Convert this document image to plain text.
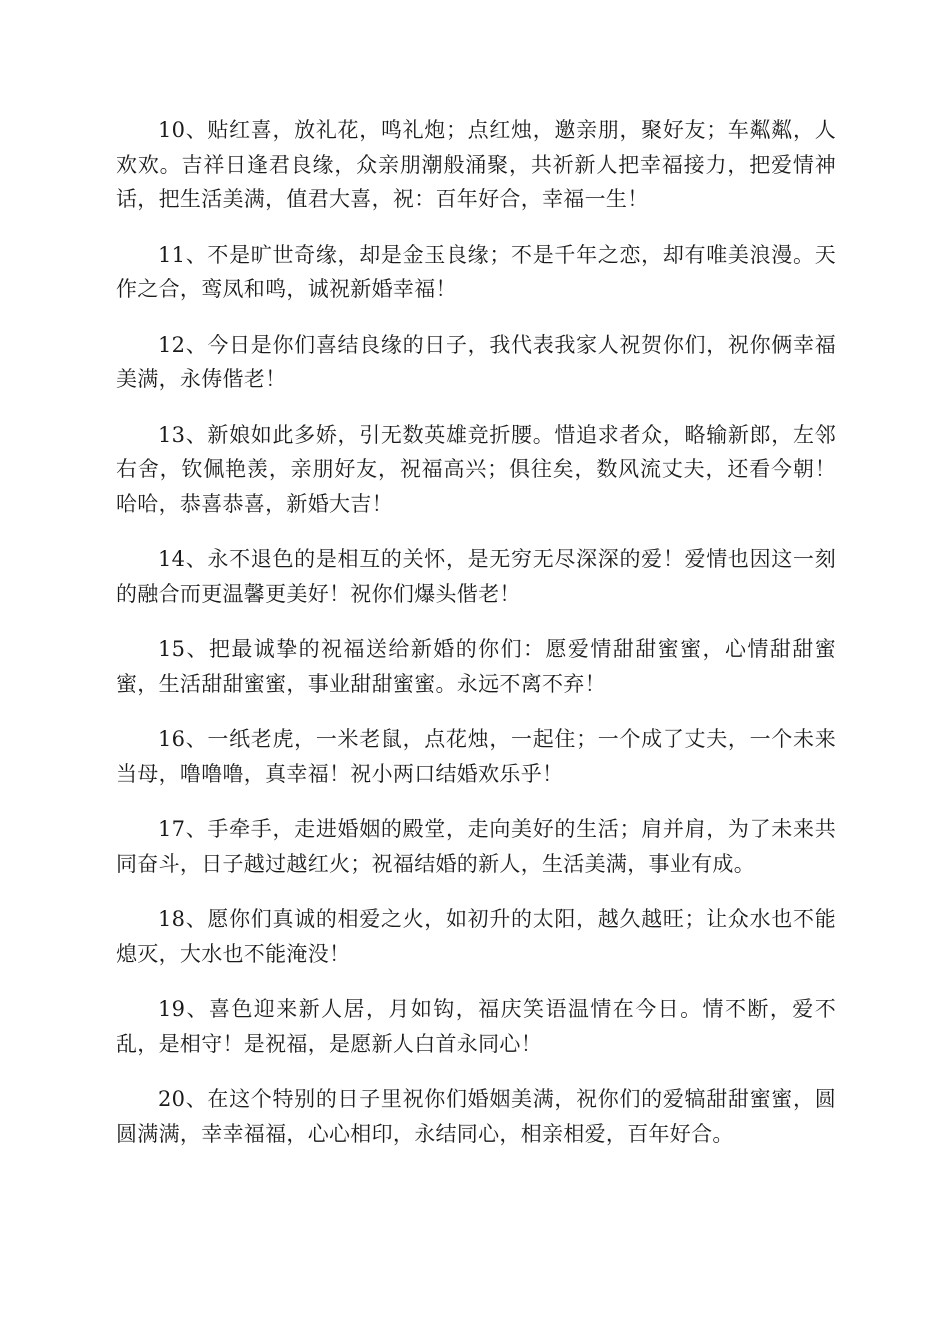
10、贴红喜，放礼花，鸣礼炮；点红烛，邀亲朋，聚好友；车粼粼，人欢欢。吉祥日逢君良缘，众亲朋潮般涌聚，共祈新人把幸福接力，把爱情神话，把生活美满，值君大喜，祝：百年好合，幸福一生！

11、不是旷世奇缘，却是金玉良缘；不是千年之恋，却有唯美浪漫。天作之合，鸾凤和鸣，诚祝新婚幸福！

12、今日是你们喜结良缘的日子，我代表我家人祝贺你们，祝你俩幸福美满，永俦偕老！

13、新娘如此多娇，引无数英雄竞折腰。惜追求者众，略输新郎，左邻右舍，钦佩艳羡，亲朋好友，祝福高兴；俱往矣，数风流丈夫，还看今朝！哈哈，恭喜恭喜，新婚大吉！

14、永不退色的是相互的关怀，是无穷无尽深深的爱！爱情也因这一刻的融合而更温馨更美好！祝你们爆头偕老！

15、把最诚挚的祝福送给新婚的你们：愿爱情甜甜蜜蜜，心情甜甜蜜蜜，生活甜甜蜜蜜，事业甜甜蜜蜜。永远不离不弃！

16、一纸老虎，一米老鼠，点花烛，一起住；一个成了丈夫，一个未来当母，噜噜噜，真幸福！祝小两口结婚欢乐乎！

17、手牵手，走进婚姻的殿堂，走向美好的生活；肩并肩，为了未来共同奋斗，日子越过越红火；祝福结婚的新人，生活美满，事业有成。

18、愿你们真诚的相爱之火，如初升的太阳，越久越旺；让众水也不能熄灭，大水也不能淹没！

19、喜色迎来新人居，月如钩，福庆笑语温情在今日。情不断，爱不乱，是相守！是祝福，是愿新人白首永同心！

20、在这个特别的日子里祝你们婚姻美满，祝你们的爱犒甜甜蜜蜜，圆圆满满，幸幸福福，心心相印，永结同心，相亲相爱，百年好合。
